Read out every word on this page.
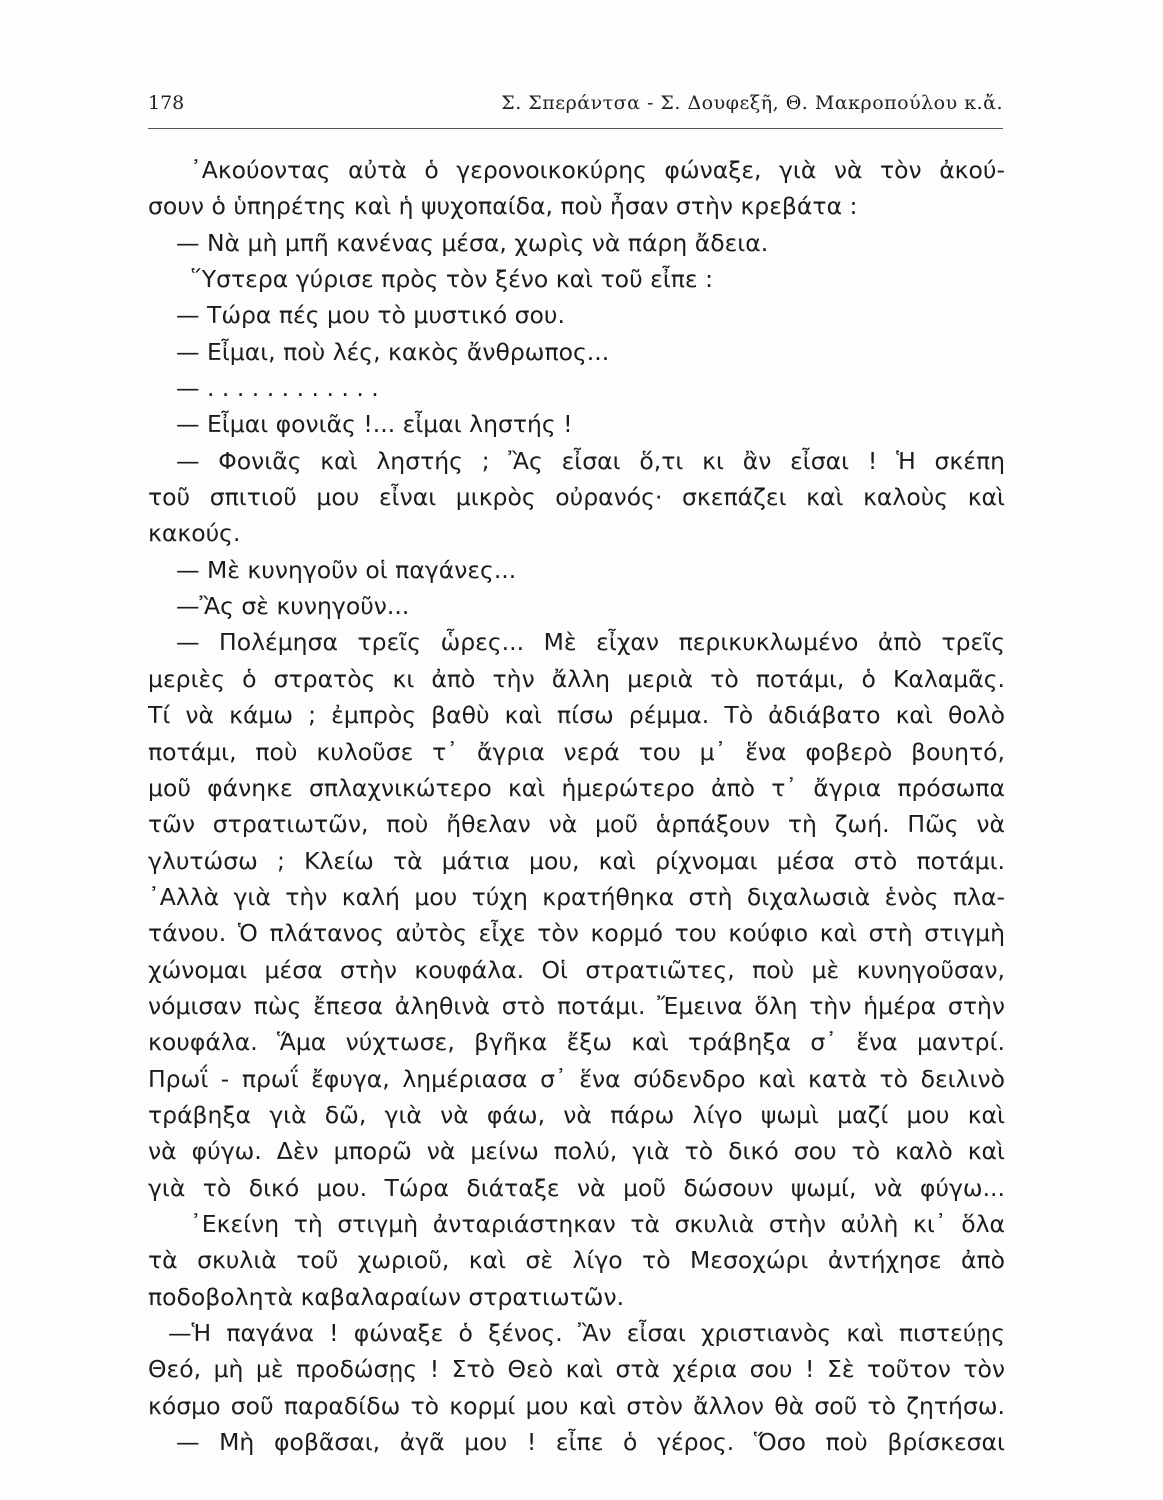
178	Σ. Σπεράντσα - Σ. Δουφεξῆ, Θ. Μακροπούλου κ.ἄ.
᾿Ακούοντας αὐτὰ ὁ γερονοικοκύρης φώναξε, γιὰ νὰ τὸν ἀκού-
σουν ὁ ὑπηρέτης καὶ ἡ ψυχοπαίδα, ποὺ ἦσαν στὴν κρεβάτα :
— Νὰ μὴ μπῆ κανένας μέσα, χωρὶς νὰ πάρη ἄδεια.
῞Υστερα γύρισε πρὸς τὸν ξένο καὶ τοῦ εἶπε :
— Τώρα πές μου τὸ μυστικό σου.
— Εἶμαι, ποὺ λές, κακὸς ἄνθρωπος...
— . . . . . . . . . . . .
— Εἶμαι φονιᾶς !... εἶμαι ληστής !
— Φονιᾶς καὶ ληστής ; Ἂς εἶσαι ὅ,τι κι ἂν εἶσαι ! Ἡ σκέπη
τοῦ σπιτιοῦ μου εἶναι μικρὸς οὐρανός· σκεπάζει καὶ καλοὺς καὶ
κακούς.
— Μὲ κυνηγοῦν οἱ παγάνες...
—Ἂς σὲ κυνηγοῦν...
— Πολέμησα τρεῖς ὧρες... Μὲ εἶχαν περικυκλωμένο ἀπὸ τρεῖς
μεριὲς ὁ στρατὸς κι ἀπὸ τὴν ἄλλη μεριὰ τὸ ποτάμι, ὁ Καλαμᾶς.
Τί νὰ κάμω ; ἐμπρὸς βαθὺ καὶ πίσω ρέμμα. Τὸ ἀδιάβατο καὶ θολὸ
ποτάμι, ποὺ κυλοῦσε τ᾿ ἄγρια νερά του μ᾿ ἕνα φοβερὸ βουητό,
μοῦ φάνηκε σπλαχνικώτερο καὶ ἡμερώτερο ἀπὸ τ᾿ ἄγρια πρόσωπα
τῶν στρατιωτῶν, ποὺ ἤθελαν νὰ μοῦ ἁρπάξουν τὴ ζωή. Πῶς νὰ
γλυτώσω ; Κλείω τὰ μάτια μου, καὶ ρίχνομαι μέσα στὸ ποτάμι.
᾿Αλλὰ γιὰ τὴν καλή μου τύχη κρατήθηκα στὴ διχαλωσιὰ ἑνὸς πλα-
τάνου. Ὁ πλάτανος αὐτὸς εἶχε τὸν κορμό του κούφιο καὶ στὴ στιγμὴ
χώνομαι μέσα στὴν κουφάλα. Οἱ στρατιῶτες, ποὺ μὲ κυνηγοῦσαν,
νόμισαν πὼς ἔπεσα ἀληθινὰ στὸ ποτάμι. Ἔμεινα ὅλη τὴν ἡμέρα στὴν
κουφάλα. Ἅμα νύχτωσε, βγῆκα ἔξω καὶ τράβηξα σ᾿ ἕνα μαντρί.
Πρωΐ - πρωΐ ἔφυγα, λημέριασα σ᾿ ἕνα σύδενδρο καὶ κατὰ τὸ δειλινὸ
τράβηξα γιὰ δῶ, γιὰ νὰ φάω, νὰ πάρω λίγο ψωμὶ μαζί μου καὶ
νὰ φύγω. Δὲν μπορῶ νὰ μείνω πολύ, γιὰ τὸ δικό σου τὸ καλὸ καὶ
γιὰ τὸ δικό μου. Τώρα διάταξε νὰ μοῦ δώσουν ψωμί, νὰ φύγω...
᾿Εκείνη τὴ στιγμὴ ἀνταριάστηκαν τὰ σκυλιὰ στὴν αὐλὴ κι᾿ ὅλα
τὰ σκυλιὰ τοῦ χωριοῦ, καὶ σὲ λίγο τὸ Μεσοχώρι ἀντήχησε ἀπὸ
ποδοβολητὰ καβαλαραίων στρατιωτῶν.
—Ἡ παγάνα ! φώναξε ὁ ξένος. Ἂν εἶσαι χριστιανὸς καὶ πιστεύῃς
Θεό, μὴ μὲ προδώσῃς ! Στὸ Θεὸ καὶ στὰ χέρια σου ! Σὲ τοῦτον τὸν
κόσμο σοῦ παραδίδω τὸ κορμί μου καὶ στὸν ἄλλον θὰ σοῦ τὸ ζητήσω.
— Μὴ φοβᾶσαι, ἀγᾶ μου ! εἶπε ὁ γέρος. Ὅσο ποὺ βρίσκεσαι
